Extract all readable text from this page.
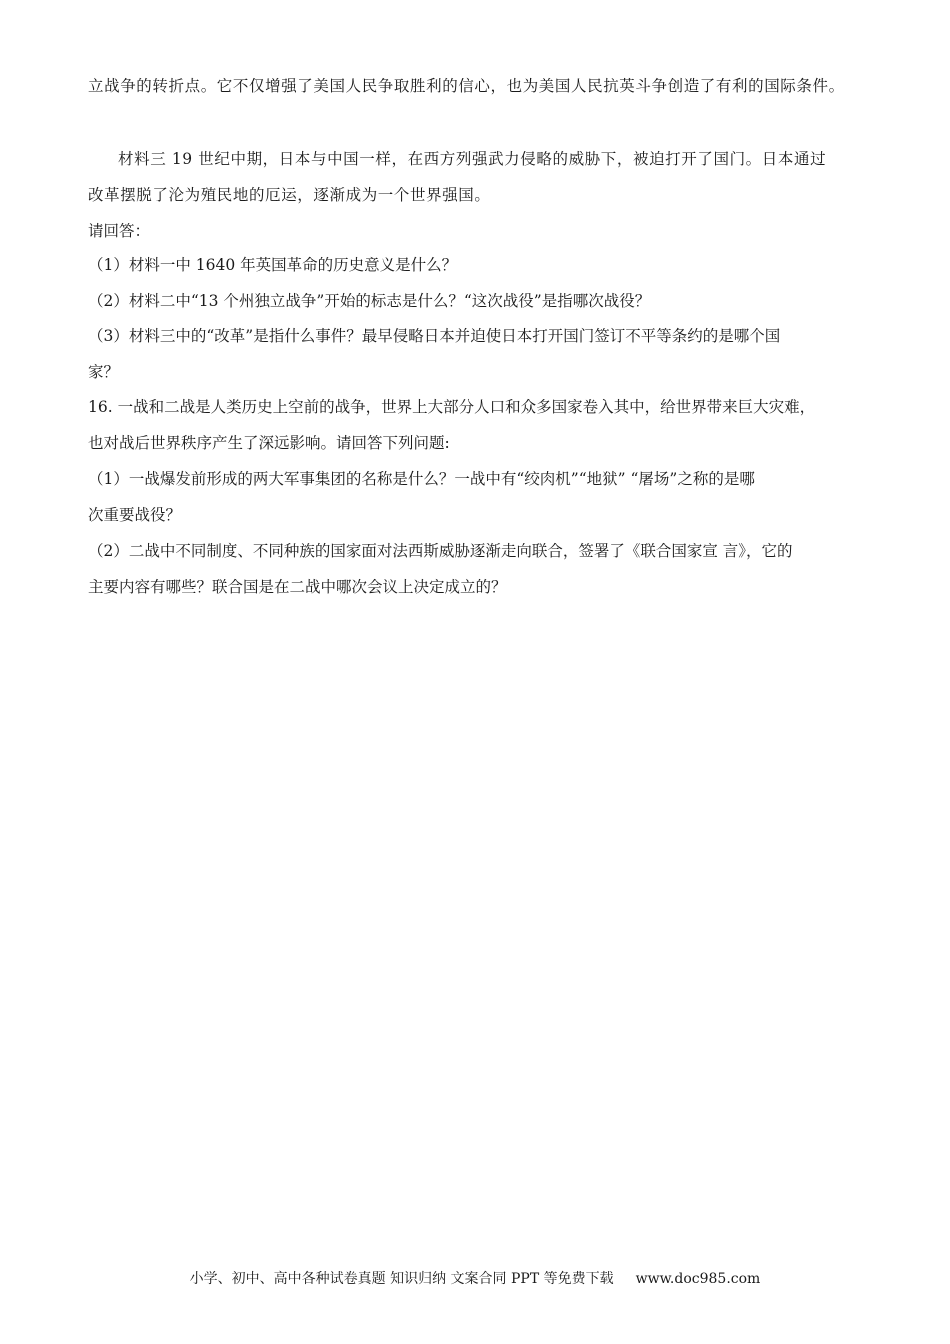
立战争的转折点。它不仅增强了美国人民争取胜利的信心，也为美国人民抗英斗争创造了有利的国际条件。
材料三 19 世纪中期，日本与中国一样，在西方列强武力侵略的威胁下，被迫打开了国门。日本通过
改革摆脱了沦为殖民地的厄运，逐渐成为一个世界强国。
请回答：
（1）材料一中 1640 年英国革命的历史意义是什么？
（2）材料二中“13 个州独立战争”开始的标志是什么？“这次战役”是指哪次战役？
（3）材料三中的“改革”是指什么事件？最早侵略日本并迫使日本打开国门签订不平等条约的是哪个国
家？
16. 一战和二战是人类历史上空前的战争，世界上大部分人口和众多国家卷入其中，给世界带来巨大灾难，
也对战后世界秩序产生了深远影响。请回答下列问题:
（1）一战爆发前形成的两大军事集团的名称是什么？一战中有“绞肉机”“地狱” “屠场”之称的是哪
次重要战役？
（2）二战中不同制度、不同种族的国家面对法西斯威胁逐渐走向联合，签署了《联合国家宣 言》，它的
主要内容有哪些？联合国是在二战中哪次会议上决定成立的？
小学、初中、高中各种试卷真题 知识归纳 文案合同 PPT 等免费下载 www.doc985.com
